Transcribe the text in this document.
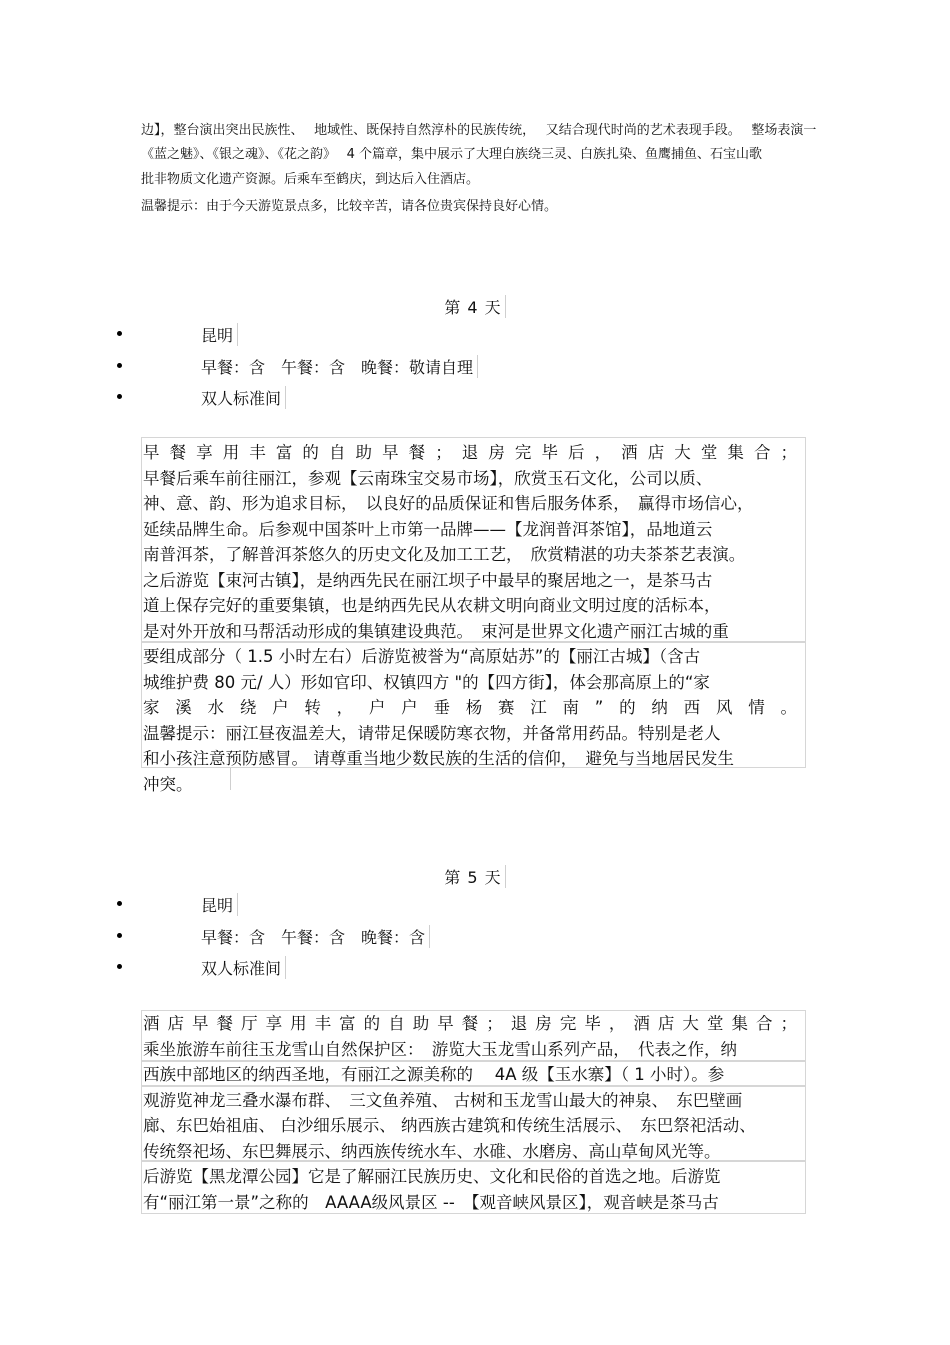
边】，整台演出突出民族性、　 地域性、既保持自然淳朴的民族传统，　 又结合现代时尚的艺术表现手段。　 整场表演一
《蓝之魅》、《银之魂》、《花之韵》　 4 个篇章，集中展示了大理白族绕三灵、白族扎染、鱼鹰捕鱼、石宝山歌
批非物质文化遗产资源。后乘车至鹤庆，到达后入住酒店。
温馨提示：由于今天游览景点多，比较辛苦，请各位贵宾保持良好心情。
第 4 天
昆明
早餐：含　午餐：含　晚餐：敬请自理
双人标准间
早餐享用丰富的自助早餐；退房完毕后，酒店大堂集合；
早餐后乘车前往丽江，参观【云南珠宝交易市场】，欣赏玉石文化，公司以质、
神、意、韵、形为追求目标，　以良好的品质保证和售后服务体系，　赢得市场信心，
延续品牌生命。后参观中国茶叶上市第一品牌——【龙润普洱茶馆】，品地道云
南普洱茶，了解普洱茶悠久的历史文化及加工工艺，　欣赏精湛的功夫茶茶艺表演。
之后游览【束河古镇】，是纳西先民在丽江坝子中最早的聚居地之一，是茶马古
道上保存完好的重要集镇，也是纳西先民从农耕文明向商业文明过度的活标本，
是对外开放和马帮活动形成的集镇建设典范。　束河是世界文化遗产丽江古城的重
要组成部分（ 1.5 小时左右）后游览被誉为“高原姑苏”的【丽江古城】（含古
城维护费 80 元/ 人）形如官印、权镇四方 "的【四方街】，体会那高原上的“家
家溪水绕户转，户户垂杨赛江南”的纳西风情。
温馨提示：丽江昼夜温差大，请带足保暖防寒衣物，并备常用药品。特别是老人
和小孩注意预防感冒。 请尊重当地少数民族的生活的信仰，　避免与当地居民发生
冲突。
第 5 天
昆明
早餐：含　午餐：含　晚餐：含
双人标准间
酒店早餐厅享用丰富的自助早餐；退房完毕，酒店大堂集合；
乘坐旅游车前往玉龙雪山自然保护区：　游览大玉龙雪山系列产品，　代表之作，纳
西族中部地区的纳西圣地，有丽江之源美称的　 4A 级【玉水寨】（ 1 小时）。参
观游览神龙三叠水瀑布群、　三文鱼养殖、 古树和玉龙雪山最大的神泉、　东巴壁画
廊、东巴始祖庙、 白沙细乐展示、 纳西族古建筑和传统生活展示、　东巴祭祀活动、
传统祭祀场、东巴舞展示、纳西族传统水车、水碓、水磨房、高山草甸风光等。
后游览【黑龙潭公园】它是了解丽江民族历史、文化和民俗的首选之地。后游览
有“丽江第一景”之称的　AAAA级风景区 --　【观音峡风景区】，观音峡是茶马古
